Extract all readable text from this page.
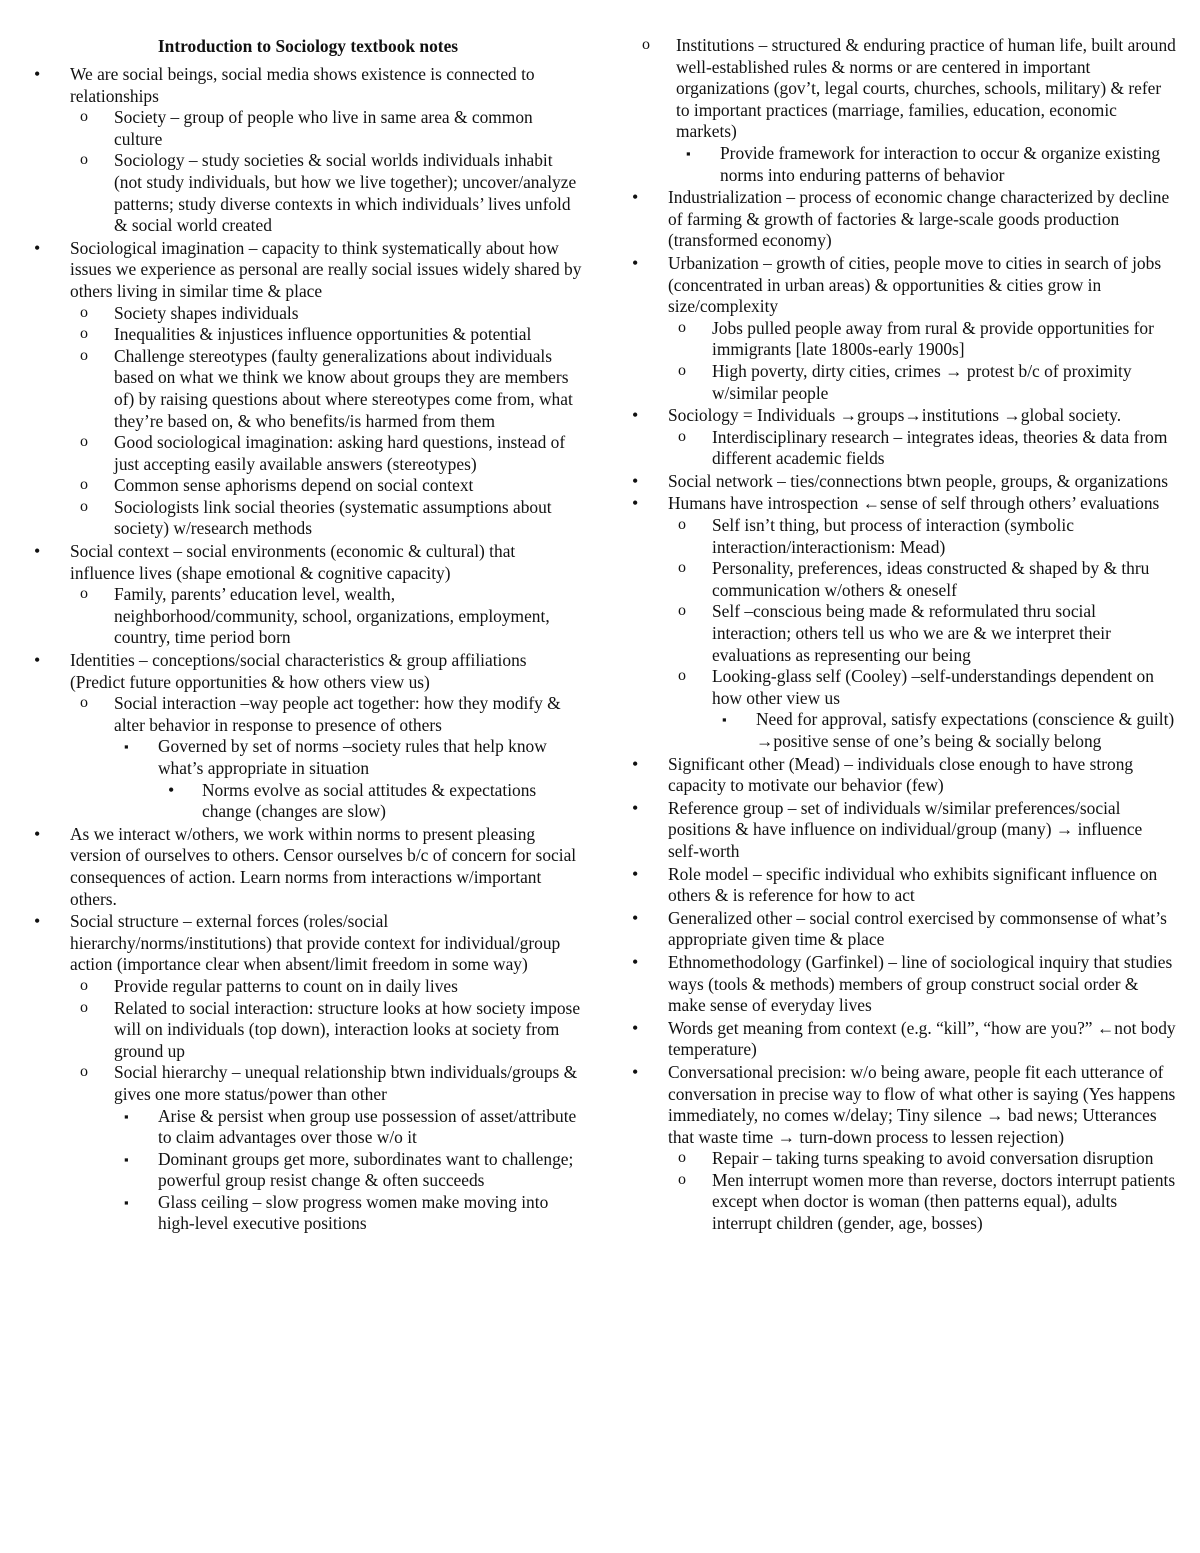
Introduction to Sociology textbook notes
• We are social beings, social media shows existence is connected to relationships
o Society – group of people who live in same area & common culture
o Sociology – study societies & social worlds individuals inhabit (not study individuals, but how we live together); uncover/analyze patterns; study diverse contexts in which individuals’ lives unfold & social world created
• Sociological imagination – capacity to think systematically about how issues we experience as personal are really social issues widely shared by others living in similar time & place
o Society shapes individuals
o Inequalities & injustices influence opportunities & potential
o Challenge stereotypes (faulty generalizations about individuals based on what we think we know about groups they are members of) by raising questions about where stereotypes come from, what they’re based on, & who benefits/is harmed from them
o Good sociological imagination: asking hard questions, instead of just accepting easily available answers (stereotypes)
o Common sense aphorisms depend on social context
o Sociologists link social theories (systematic assumptions about society) w/research methods
• Social context – social environments (economic & cultural) that influence lives (shape emotional & cognitive capacity)
o Family, parents’ education level, wealth, neighborhood/community, school, organizations, employment, country, time period born
• Identities – conceptions/social characteristics & group affiliations (Predict future opportunities & how others view us)
o Social interaction –way people act together: how they modify & alter behavior in response to presence of others
▪ Governed by set of norms –society rules that help know what’s appropriate in situation
• Norms evolve as social attitudes & expectations change (changes are slow)
• As we interact w/others, we work within norms to present pleasing version of ourselves to others. Censor ourselves b/c of concern for social consequences of action. Learn norms from interactions w/important others.
• Social structure – external forces (roles/social hierarchy/norms/institutions) that provide context for individual/group action (importance clear when absent/limit freedom in some way)
o Provide regular patterns to count on in daily lives
o Related to social interaction: structure looks at how society impose will on individuals (top down), interaction looks at society from ground up
o Social hierarchy – unequal relationship btwn individuals/groups & gives one more status/power than other
▪ Arise & persist when group use possession of asset/attribute to claim advantages over those w/o it
▪ Dominant groups get more, subordinates want to challenge; powerful group resist change & often succeeds
▪ Glass ceiling – slow progress women make moving into high-level executive positions
o Institutions – structured & enduring practice of human life, built around well-established rules & norms or are centered in important organizations (gov’t, legal courts, churches, schools, military) & refer to important practices (marriage, families, education, economic markets)
▪ Provide framework for interaction to occur & organize existing norms into enduring patterns of behavior
• Industrialization – process of economic change characterized by decline of farming & growth of factories & large-scale goods production (transformed economy)
• Urbanization – growth of cities, people move to cities in search of jobs (concentrated in urban areas) & opportunities & cities grow in size/complexity
o Jobs pulled people away from rural & provide opportunities for immigrants [late 1800s-early 1900s]
o High poverty, dirty cities, crimes → protest b/c of proximity w/similar people
• Sociology = Individuals →groups→institutions →global society.
o Interdisciplinary research – integrates ideas, theories & data from different academic fields
• Social network – ties/connections btwn people, groups, & organizations
• Humans have introspection ←sense of self through others’ evaluations
o Self isn’t thing, but process of interaction (symbolic interaction/interactionism: Mead)
o Personality, preferences, ideas constructed & shaped by & thru communication w/others & oneself
o Self –conscious being made & reformulated thru social interaction; others tell us who we are & we interpret their evaluations as representing our being
o Looking-glass self (Cooley) –self-understandings dependent on how other view us
▪ Need for approval, satisfy expectations (conscience & guilt) →positive sense of one’s being & socially belong
• Significant other (Mead) – individuals close enough to have strong capacity to motivate our behavior (few)
• Reference group – set of individuals w/similar preferences/social positions & have influence on individual/group (many) → influence self-worth
• Role model – specific individual who exhibits significant influence on others & is reference for how to act
• Generalized other – social control exercised by commonsense of what’s appropriate given time & place
• Ethnomethodology (Garfinkel) – line of sociological inquiry that studies ways (tools & methods) members of group construct social order & make sense of everyday lives
• Words get meaning from context (e.g. “kill”, “how are you?” ←not body temperature)
• Conversational precision: w/o being aware, people fit each utterance of conversation in precise way to flow of what other is saying (Yes happens immediately, no comes w/delay; Tiny silence → bad news; Utterances that waste time → turn-down process to lessen rejection)
o Repair – taking turns speaking to avoid conversation disruption
o Men interrupt women more than reverse, doctors interrupt patients except when doctor is woman (then patterns equal), adults interrupt children (gender, age, bosses)
